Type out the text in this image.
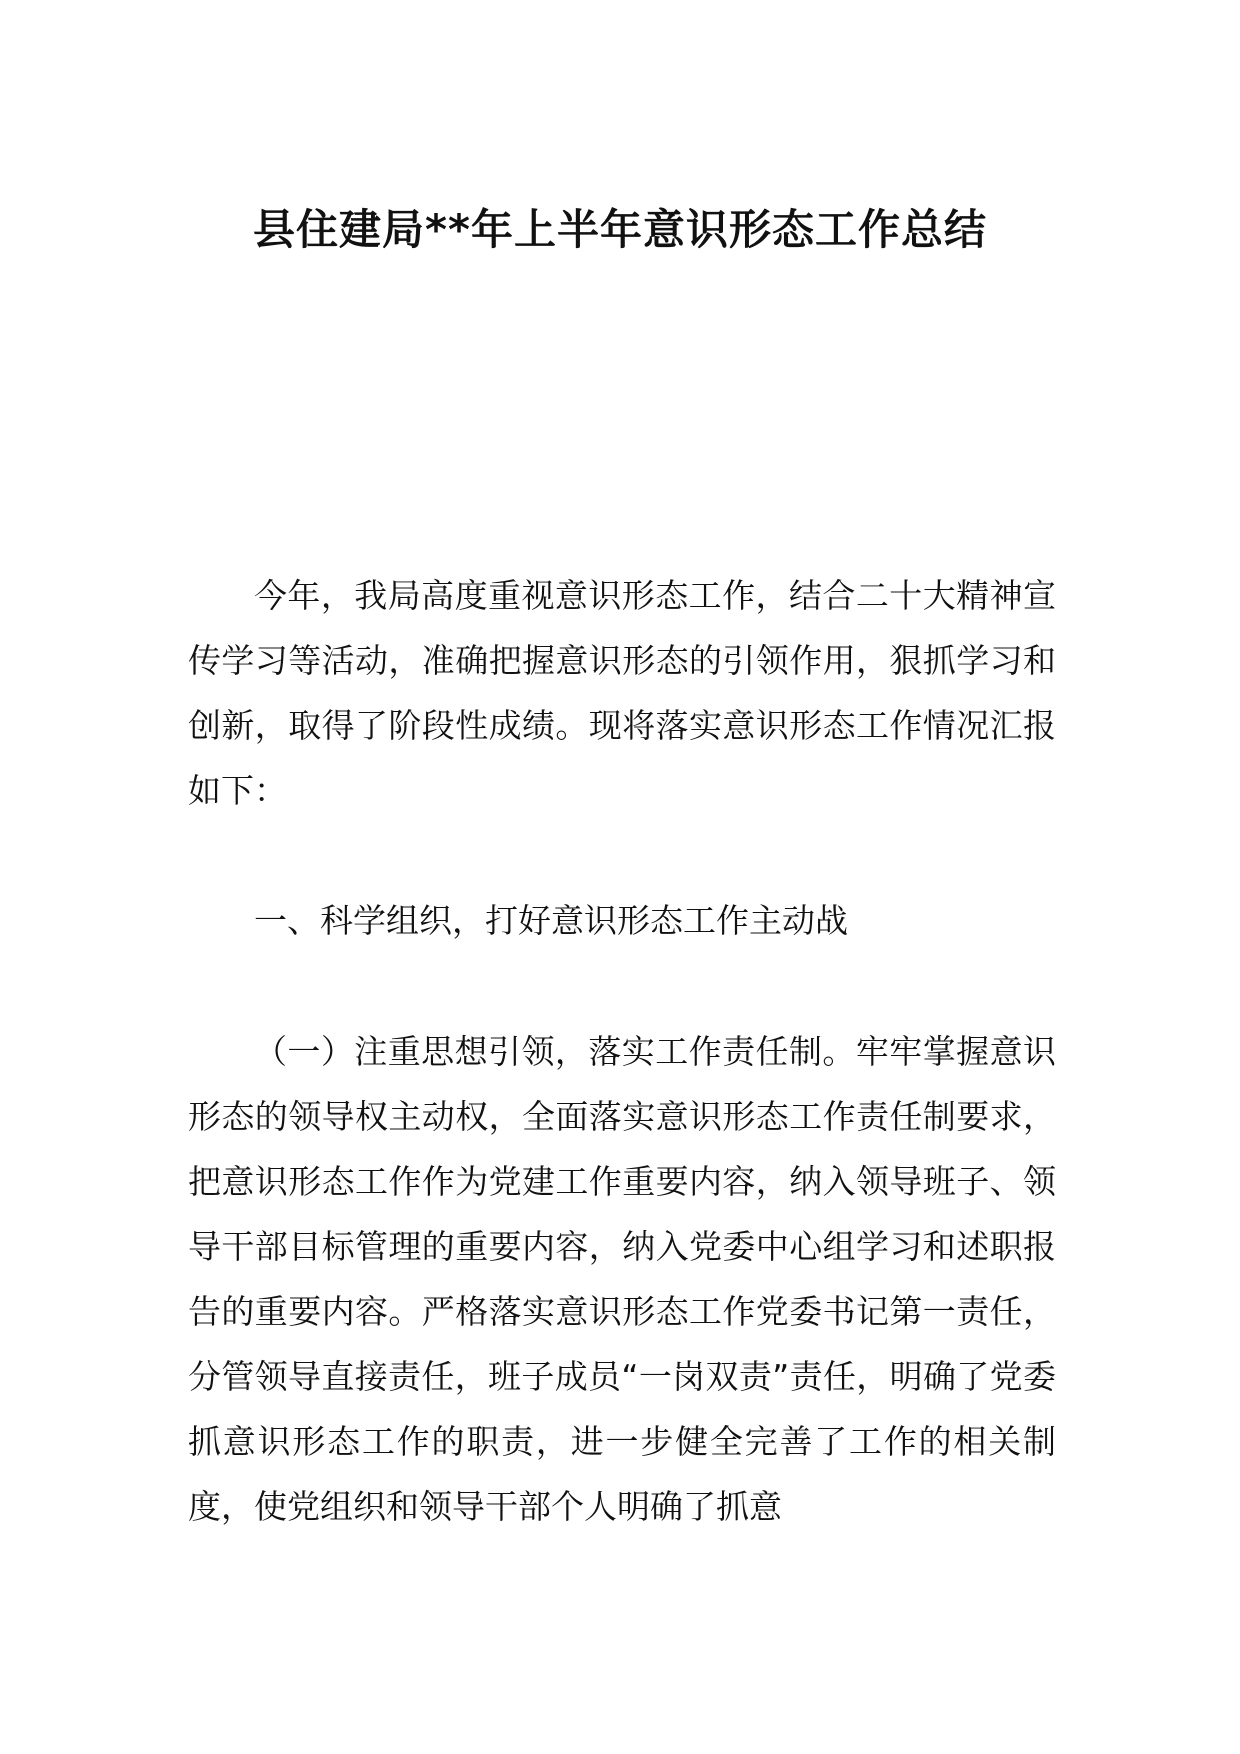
县住建局**年上半年意识形态工作总结

今年，我局高度重视意识形态工作，结合二十大精神宣传学习等活动，准确把握意识形态的引领作用，狠抓学习和创新，取得了阶段性成绩。现将落实意识形态工作情况汇报如下：

一、科学组织，打好意识形态工作主动战

（一）注重思想引领，落实工作责任制。牢牢掌握意识形态的领导权主动权，全面落实意识形态工作责任制要求，把意识形态工作作为党建工作重要内容，纳入领导班子、领导干部目标管理的重要内容，纳入党委中心组学习和述职报告的重要内容。严格落实意识形态工作党委书记第一责任，分管领导直接责任，班子成员“一岗双责”责任，明确了党委抓意识形态工作的职责，进一步健全完善了工作的相关制度，使党组织和领导干部个人明确了抓意
